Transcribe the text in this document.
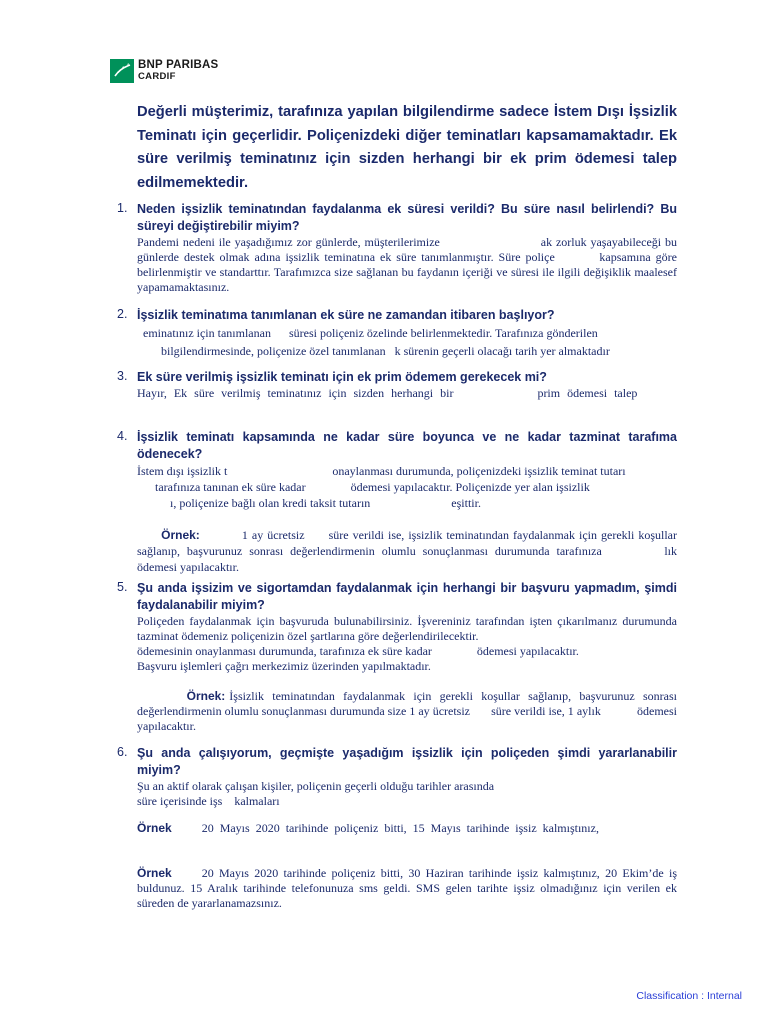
BNP PARIBAS
CARDIF
Değerli müşterimiz, tarafınıza yapılan bilgilendirme sadece İstem Dışı İşsizlik Teminatı için geçerlidir. Poliçenizdeki diğer teminatları kapsamamaktadır. Ek süre verilmiş teminatınız için sizden herhangi bir ek prim ödemesi talep edilmemektedir.
1. Neden işsizlik teminatından faydalanma ek süresi verildi? Bu süre nasıl belirlendi? Bu süreyi değiştirebilir miyim?

Pandemi nedeni ile yaşadığımız zor günlerde, müşterilerimize                          ak zorluk yaşayabileceği bu günlerde destek olmak adına işsizlik teminatına ek süre tanımlanmıştır. Süre poliçe         kapsamına göre belirlenmiştir ve standarttır. Tarafımızca size sağlanan bu faydanın içeriği ve süresi ile ilgili değişiklik maalesef yapamamaktasınız.

2. İşsizlik teminatıma tanımlanan ek süre ne zamandan itibaren başlıyor?

eminatınız için tanımlanan      süresi poliçeniz özelinde belirlenmektedir. Tarafınıza gönderilen

bilgilendirmesinde, poliçenize özel tanımlanan   k sürenin geçerli olacağı tarih yer almaktadır

3. Ek süre verilmiş işsizlik teminatı için ek prim ödemem gerekecek mi?

Hayır, Ek süre verilmiş teminatınız için sizden herhangi bir            prim ödemesi talep

4. İşsizlik teminatı kapsamında ne kadar süre boyunca ve ne kadar tazminat tarafıma ödenecek?

İstem dışı işsizlik t                                   onaylanması durumunda, poliçenizdeki işsizlik teminat tutarı

tarafınıza tanınan ek süre kadar               ödemesi yapılacaktır. Poliçenizde yer alan işsizlik

ı, poliçenize bağlı olan kredi taksit tutarın                           eşittir.

Örnek:	1 ay ücretsiz      süre verildi ise, işsizlik teminatından faydalanmak için gerekli koşullar sağlanıp, başvurunuz sonrası değerlendirmenin olumlu sonuçlanması durumunda tarafınıza         lık            ödemesi yapılacaktır.

5. Şu anda işsizim ve sigortamdan faydalanmak için herhangi bir başvuru yapmadım, şimdi faydalanabilir miyim?

Poliçeden faydalanmak için başvuruda bulunabilirsiniz. İşvereniniz tarafından işten çıkarılmanız durumunda tazminat ödemeniz poliçenizin özel şartlarına göre değerlendirilecektir.

ödemesinin onaylanması durumunda, tarafınıza ek süre kadar               ödemesi yapılacaktır.

Başvuru işlemleri çağrı merkezimiz üzerinden yapılmaktadır.

Örnek: İşsizlik teminatından faydalanmak için gerekli koşullar sağlanıp, başvurunuz sonrası değerlendirmenin olumlu sonuçlanması durumunda size 1 ay ücretsiz       süre verildi ise, 1 aylık            ödemesi yapılacaktır.

6. Şu anda çalışıyorum, geçmişte yaşadığım işsizlik için poliçeden şimdi yararlanabilir miyim?

Şu an aktif olarak çalışan kişiler, poliçenin geçerli olduğu tarihler arasında

süre içerisinde işs    kalmaları

Örnek	20 Mayıs 2020 tarihinde poliçeniz bitti, 15 Mayıs tarihinde işsiz kalmıştınız,

Örnek	20 Mayıs 2020 tarihinde poliçeniz bitti, 30 Haziran tarihinde işsiz kalmıştınız, 20 Ekim’de iş buldunuz. 15 Aralık tarihinde telefonunuza sms geldi. SMS gelen tarihte işsiz olmadığınız için verilen ek süreden de yararlanamazsınız.

Classification : Internal
